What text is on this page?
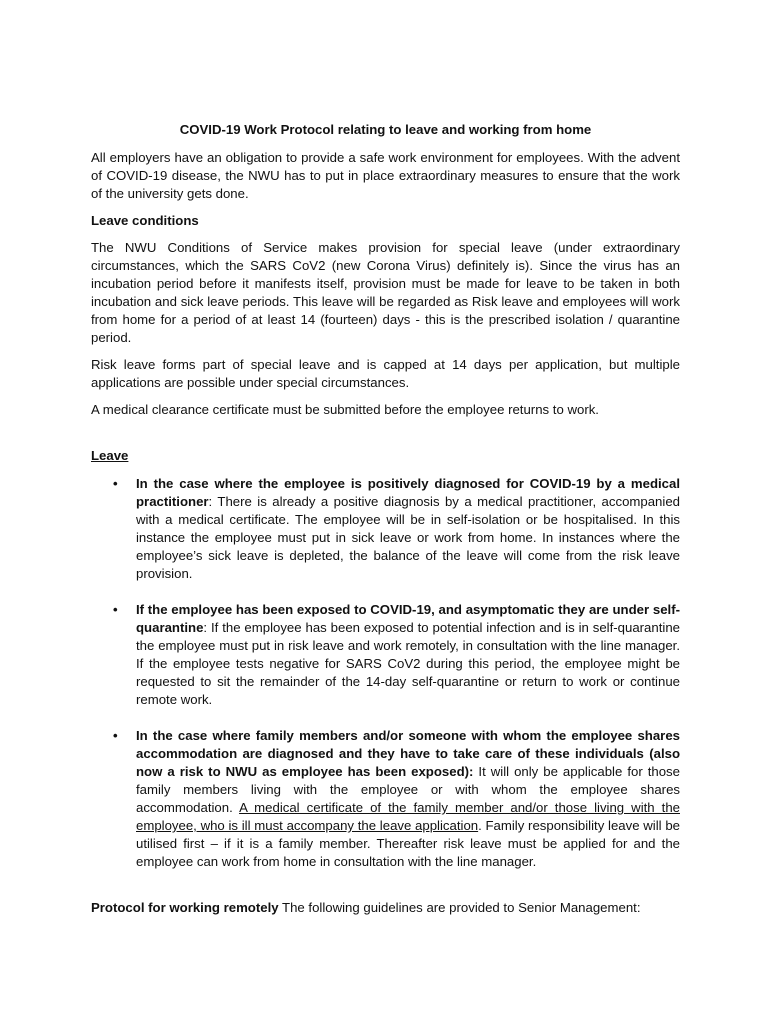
COVID-19 Work Protocol relating to leave and working from home

All employers have an obligation to provide a safe work environment for employees. With the advent of COVID-19 disease, the NWU has to put in place extraordinary measures to ensure that the work of the university gets done.

Leave conditions

The NWU Conditions of Service makes provision for special leave (under extraordinary circumstances, which the SARS CoV2 (new Corona Virus) definitely is). Since the virus has an incubation period before it manifests itself, provision must be made for leave to be taken in both incubation and sick leave periods. This leave will be regarded as Risk leave and employees will work from home for a period of at least 14 (fourteen) days - this is the prescribed isolation / quarantine period.

Risk leave forms part of special leave and is capped at 14 days per application, but multiple applications are possible under special circumstances.

A medical clearance certificate must be submitted before the employee returns to work.

Leave
• In the case where the employee is positively diagnosed for COVID-19 by a medical practitioner: There is already a positive diagnosis by a medical practitioner, accompanied with a medical certificate. The employee will be in self-isolation or be hospitalised. In this instance the employee must put in sick leave or work from home. In instances where the employee’s sick leave is depleted, the balance of the leave will come from the risk leave provision.
• If the employee has been exposed to COVID-19, and asymptomatic they are under self-quarantine: If the employee has been exposed to potential infection and is in self-quarantine the employee must put in risk leave and work remotely, in consultation with the line manager. If the employee tests negative for SARS CoV2 during this period, the employee might be requested to sit the remainder of the 14-day self-quarantine or return to work or continue remote work.
• In the case where family members and/or someone with whom the employee shares accommodation are diagnosed and they have to take care of these individuals (also now a risk to NWU as employee has been exposed): It will only be applicable for those family members living with the employee or with whom the employee shares accommodation. A medical certificate of the family member and/or those living with the employee, who is ill must accompany the leave application. Family responsibility leave will be utilised first – if it is a family member. Thereafter risk leave must be applied for and the employee can work from home in consultation with the line manager.

Protocol for working remotely The following guidelines are provided to Senior Management:
